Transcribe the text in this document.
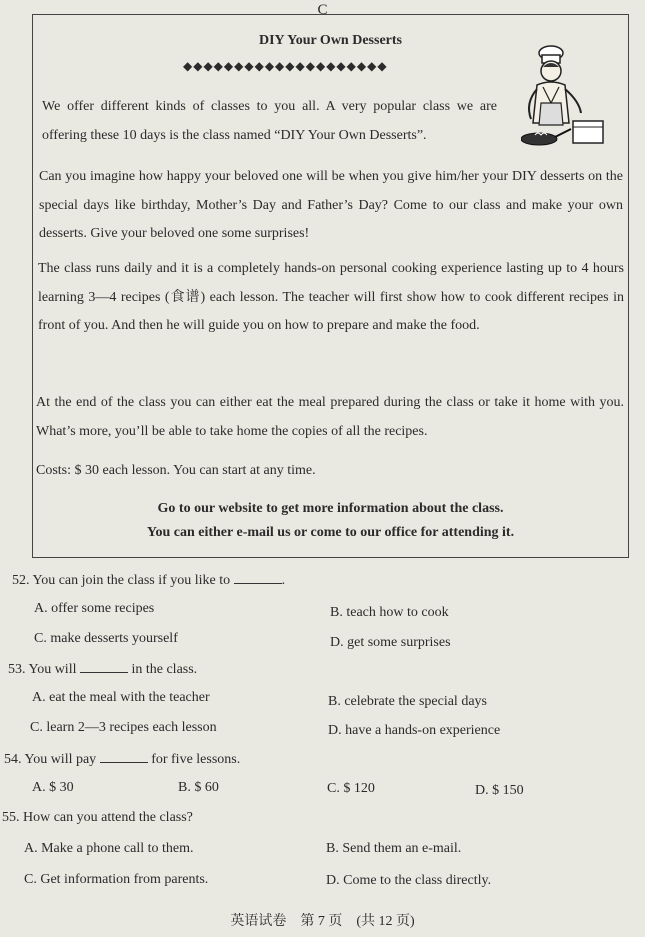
C
DIY Your Own Desserts
◆◆◆◆◆◆◆◆◆◆◆◆◆◆◆◆◆◆◆◆
We offer different kinds of classes to you all. A very popular class we are offering these 10 days is the class named “DIY Your Own Desserts”.
Can you imagine how happy your beloved one will be when you give him/her your DIY desserts on the special days like birthday, Mother’s Day and Father’s Day? Come to our class and make your own desserts. Give your beloved one some surprises!
The class runs daily and it is a completely hands-on personal cooking experience lasting up to 4 hours learning 3—4 recipes (食谱) each lesson. The teacher will first show how to cook different recipes in front of you. And then he will guide you on how to prepare and make the food.
At the end of the class you can either eat the meal prepared during the class or take it home with you. What’s more, you’ll be able to take home the copies of all the recipes.
Costs: $ 30 each lesson. You can start at any time.
Go to our website to get more information about the class.
You can either e-mail us or come to our office for attending it.
52. You can join the class if you like to	.
A. offer some recipes	B. teach how to cook
C. make desserts yourself	D. get some surprises
53. You will	in the class.
A. eat the meal with the teacher	B. celebrate the special days
C. learn 2—3 recipes each lesson	D. have a hands-on experience
54. You will pay	for five lessons.
A. $ 30	B. $ 60	C. $ 120	D. $ 150
55. How can you attend the class?
A. Make a phone call to them.	B. Send them an e-mail.
C. Get information from parents.	D. Come to the class directly.
英语试卷　第 7 页　(共 12 页)
